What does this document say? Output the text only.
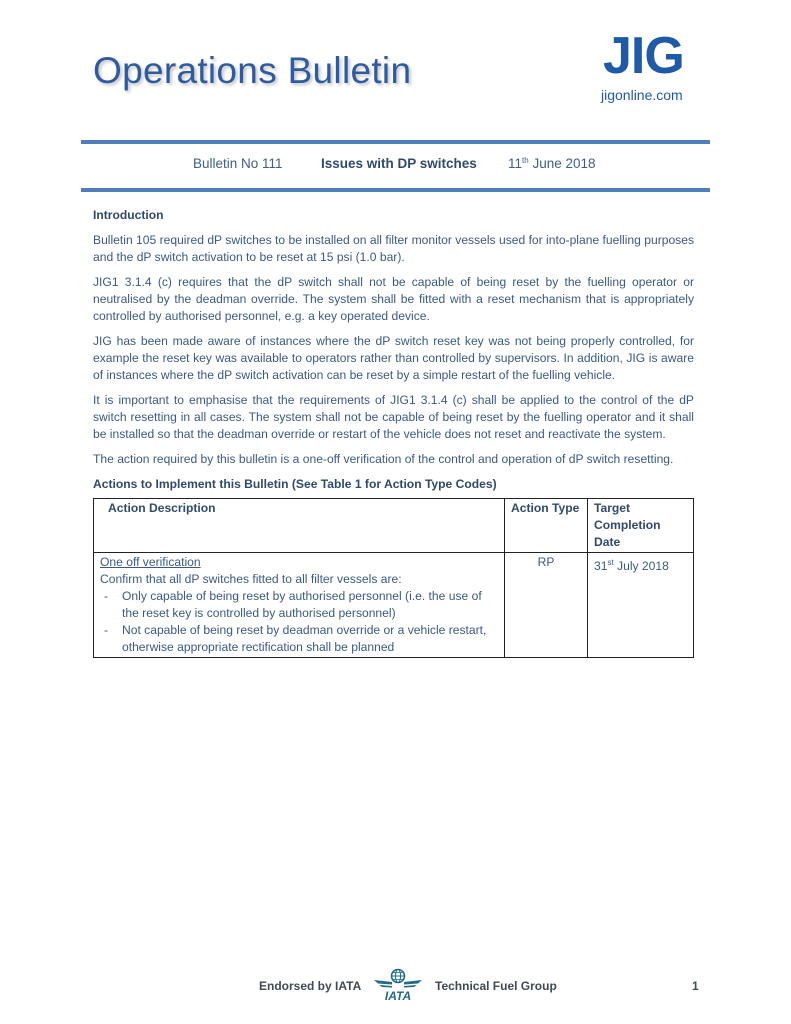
Operations Bulletin	JIG
jigonline.com
Bulletin No 111	Issues with DP switches 11th June 2018
Introduction

Bulletin 105 required dP switches to be installed on all filter monitor vessels used for into-plane fuelling purposes and the dP switch activation to be reset at 15 psi (1.0 bar).

JIG1 3.1.4 (c) requires that the dP switch shall not be capable of being reset by the fuelling operator or neutralised by the deadman override. The system shall be fitted with a reset mechanism that is appropriately controlled by authorised personnel, e.g. a key operated device.

JIG has been made aware of instances where the dP switch reset key was not being properly controlled, for example the reset key was available to operators rather than controlled by supervisors. In addition, JIG is aware of instances where the dP switch activation can be reset by a simple restart of the fuelling vehicle.

It is important to emphasise that the requirements of JIG1 3.1.4 (c) shall be applied to the control of the dP switch resetting in all cases. The system shall not be capable of being reset by the fuelling operator and it shall be installed so that the deadman override or restart of the vehicle does not reset and reactivate the system.

The action required by this bulletin is a one-off verification of the control and operation of dP switch resetting.

Actions to Implement this Bulletin (See Table 1 for Action Type Codes)
Action Description	Action Type	Target Completion Date

One off verification
Confirm that all dP switches fitted to all filter vessels are:
- Only capable of being reset by authorised personnel (i.e. the use of the reset key is controlled by authorised personnel)
- Not capable of being reset by deadman override or a vehicle restart, otherwise appropriate rectification shall be planned
	RP	31st July 2018
Endorsed by IATA
IATA
Technical Fuel Group	1
